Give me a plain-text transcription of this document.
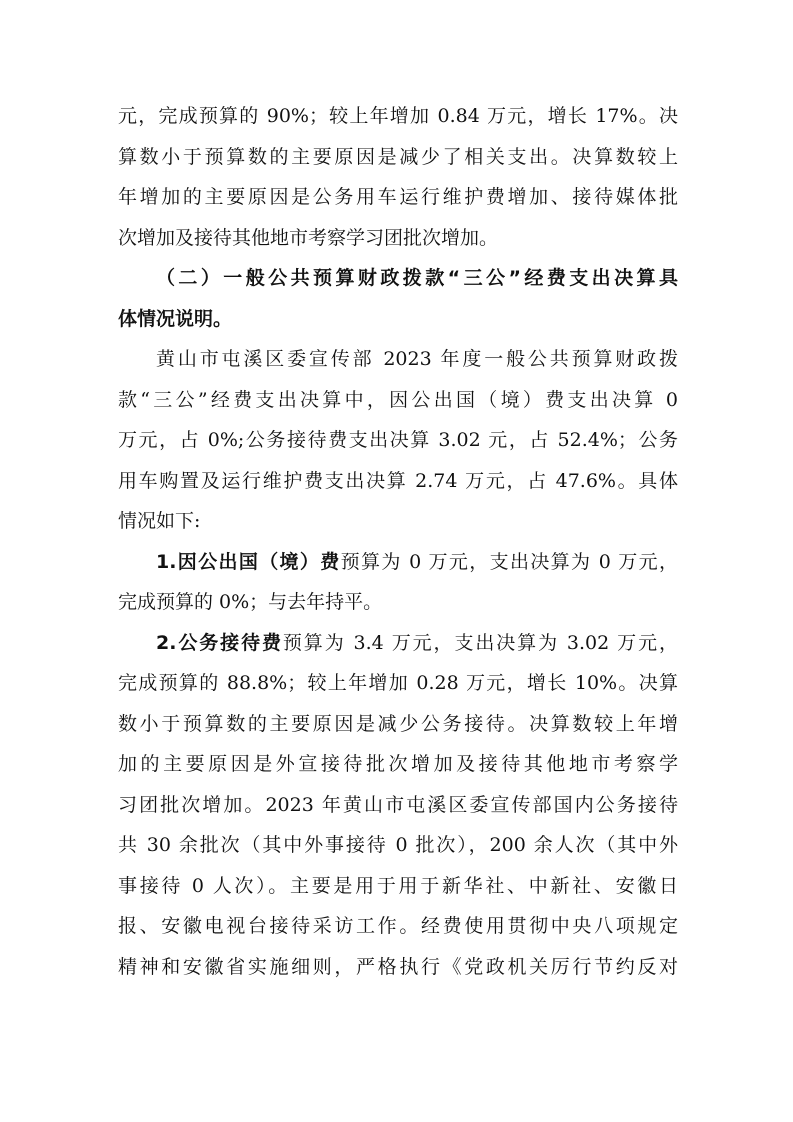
元，完成预算的 90%；较上年增加 0.84 万元，增长 17%。决

算数小于预算数的主要原因是减少了相关支出。决算数较上

年增加的主要原因是公务用车运行维护费增加、接待媒体批

次增加及接待其他地市考察学习团批次增加。

（二）一般公共预算财政拨款“三公”经费支出决算具

体情况说明。

黄山市屯溪区委宣传部 2023 年度一般公共预算财政拨

款“三公”经费支出决算中，因公出国（境）费支出决算 0

万元，占 0%;公务接待费支出决算 3.02 元，占 52.4%；公务

用车购置及运行维护费支出决算 2.74 万元，占 47.6%。具体

情况如下:

1.因公出国（境）费预算为 0 万元，支出决算为 0 万元，

完成预算的 0%；与去年持平。

2.公务接待费预算为 3.4 万元，支出决算为 3.02 万元，

完成预算的 88.8%；较上年增加 0.28 万元，增长 10%。决算

数小于预算数的主要原因是减少公务接待。决算数较上年增

加的主要原因是外宣接待批次增加及接待其他地市考察学

习团批次增加。2023 年黄山市屯溪区委宣传部国内公务接待

共 30 余批次（其中外事接待 0 批次），200 余人次（其中外

事接待 0 人次）。主要是用于用于新华社、中新社、安徽日

报、安徽电视台接待采访工作。经费使用贯彻中央八项规定

精神和安徽省实施细则，严格执行《党政机关厉行节约反对
